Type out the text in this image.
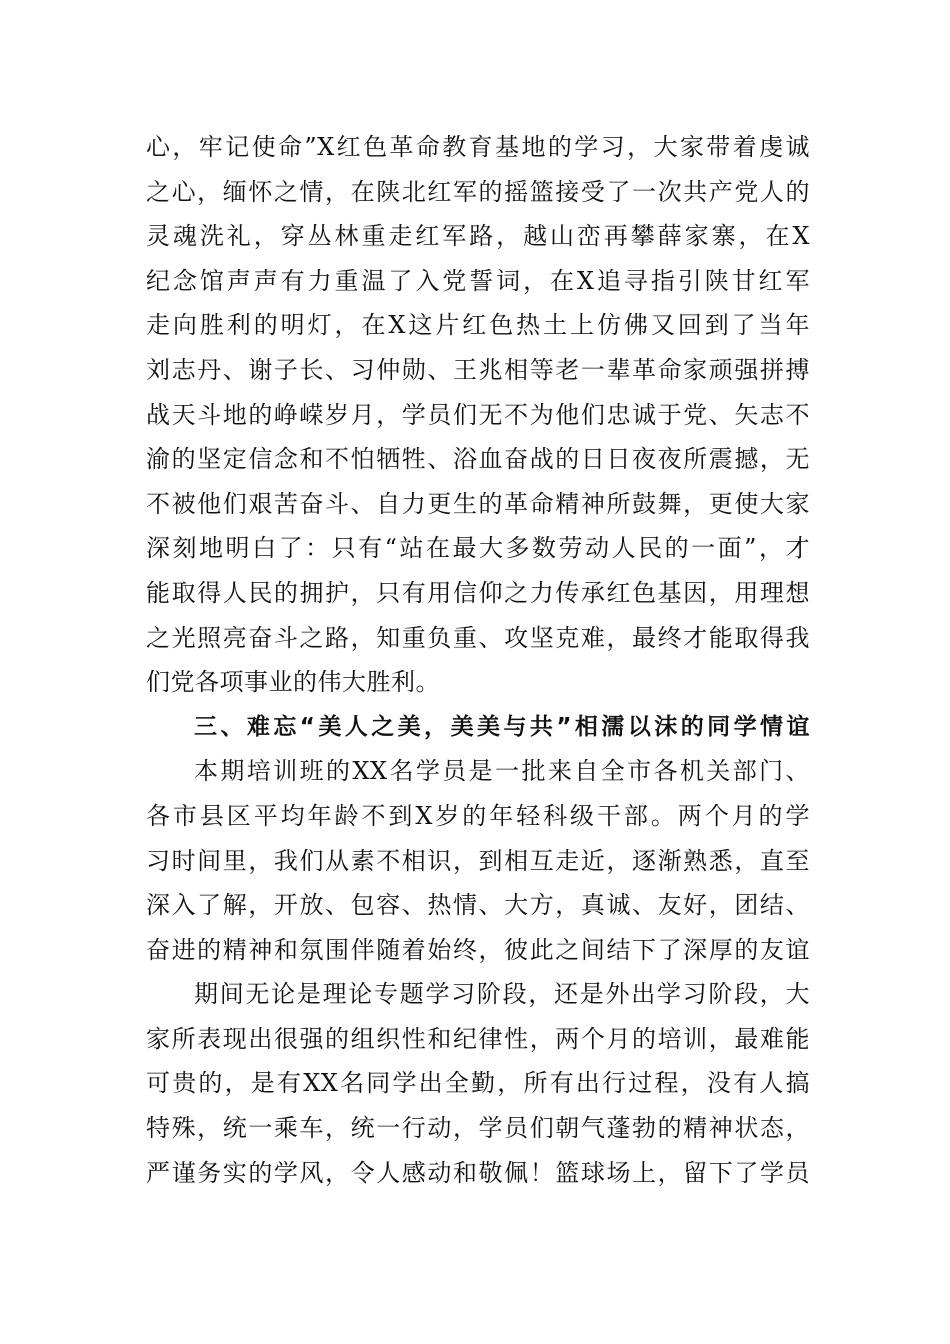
心，牢记使命”X红色革命教育基地的学习，大家带着虔诚
之心，缅怀之情，在陕北红军的摇篮接受了一次共产党人的
灵魂洗礼，穿丛林重走红军路，越山峦再攀薛家寨，在X
纪念馆声声有力重温了入党誓词，在X追寻指引陕甘红军
走向胜利的明灯，在X这片红色热土上仿佛又回到了当年
刘志丹、谢子长、习仲勋、王兆相等老一辈革命家顽强拼搏
战天斗地的峥嵘岁月，学员们无不为他们忠诚于党、矢志不
渝的坚定信念和不怕牺牲、浴血奋战的日日夜夜所震撼，无
不被他们艰苦奋斗、自力更生的革命精神所鼓舞，更使大家
深刻地明白了：只有“站在最大多数劳动人民的一面”，才
能取得人民的拥护，只有用信仰之力传承红色基因，用理想
之光照亮奋斗之路，知重负重、攻坚克难，最终才能取得我
们党各项事业的伟大胜利。
三、难忘“美人之美，美美与共”相濡以沫的同学情谊
本期培训班的XX名学员是一批来自全市各机关部门、
各市县区平均年龄不到X岁的年轻科级干部。两个月的学
习时间里，我们从素不相识，到相互走近，逐渐熟悉，直至
深入了解，开放、包容、热情、大方，真诚、友好，团结、
奋进的精神和氛围伴随着始终，彼此之间结下了深厚的友谊
期间无论是理论专题学习阶段，还是外出学习阶段，大
家所表现出很强的组织性和纪律性，两个月的培训，最难能
可贵的，是有XX名同学出全勤，所有出行过程，没有人搞
特殊，统一乘车，统一行动，学员们朝气蓬勃的精神状态，
严谨务实的学风，令人感动和敬佩！篮球场上，留下了学员
